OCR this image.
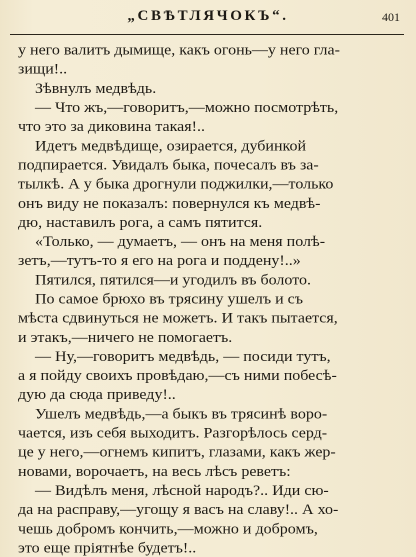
„СВѢТЛЯЧОКЪ“.	401
у него валитъ дымище, какъ огонь—у него гла-
зищи!..
Зѣвнулъ медвѣдь.
— Что жъ,—говоритъ,—можно посмотрѣть,
что это за диковина такая!..
Идетъ медвѣдище, озирается, дубинкой
подпирается. Увидалъ быка, почесалъ въ за-
тылкѣ. А у быка дрогнули поджилки,—только
онъ виду не показалъ: повернулся къ медвѣ-
дю, наставилъ рога, а самъ пятится.
«Только, — думаетъ, — онъ на меня полѣ-
зетъ,—тутъ-то я его на рога и подденy!..»
Пятился, пятился—и угодилъ въ болото.
По самое брюхо въ трясину ушелъ и съ
мѣста сдвинуться не можетъ. И такъ пытается,
и этакъ,—ничего не помогаетъ.
— Ну,—говоритъ медвѣдь, — посиди тутъ,
а я пойду своихъ провѣдаю,—съ ними побесѣ-
дую да сюда приведу!..
Ушелъ медвѣдь,—а быкъ въ трясинѣ воро-
чается, изъ себя выходитъ. Разгорѣлось серд-
це у него,—огнемъ кипитъ, глазами, какъ жер-
новами, ворочаетъ, на весь лѣсъ реветъ:
— Видѣлъ меня, лѣсной народъ?.. Иди сю-
да на расправу,—угощу я васъ на славу!.. А хо-
чешь добромъ кончить,—можно и добромъ,
это еще пріятнѣе будетъ!..
